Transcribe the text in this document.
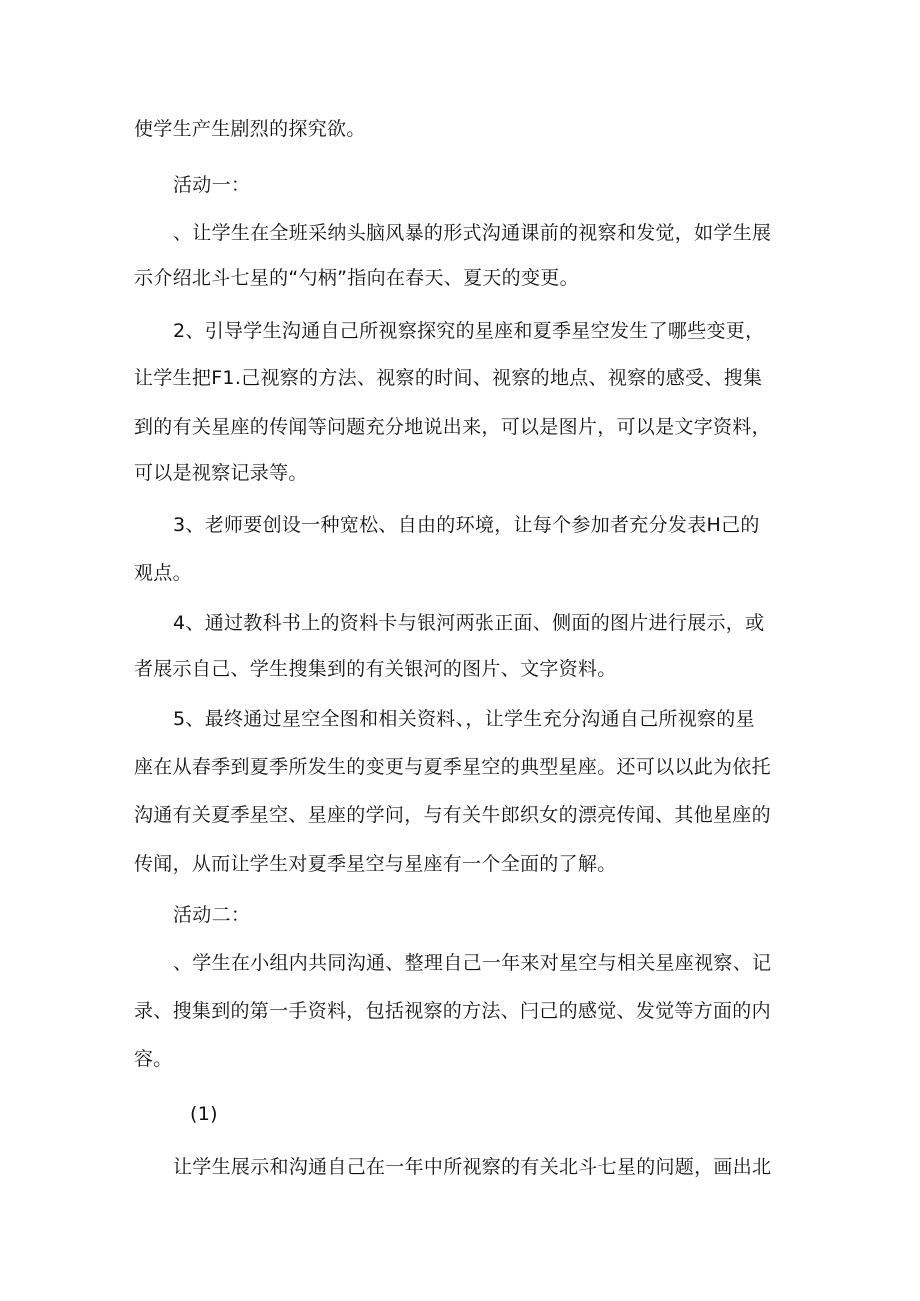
使学生产生剧烈的探究欲。
活动一：
、让学生在全班采纳头脑风暴的形式沟通课前的视察和发觉，如学生展
示介绍北斗七星的“勺柄”指向在春天、夏天的变更。
2、引导学生沟通自己所视察探究的星座和夏季星空发生了哪些变更，
让学生把F1.己视察的方法、视察的时间、视察的地点、视察的感受、搜集
到的有关星座的传闻等问题充分地说出来，可以是图片，可以是文字资料，
可以是视察记录等。
3、老师要创设一种宽松、自由的环境，让每个参加者充分发表H己的
观点。
4、通过教科书上的资料卡与银河两张正面、侧面的图片进行展示，或
者展示自己、学生搜集到的有关银河的图片、文字资料。
5、最终通过星空全图和相关资料、，让学生充分沟通自己所视察的星
座在从春季到夏季所发生的变更与夏季星空的典型星座。还可以以此为依托
沟通有关夏季星空、星座的学问，与有关牛郎织女的漂亮传闻、其他星座的
传闻，从而让学生对夏季星空与星座有一个全面的了解。
活动二：
、学生在小组内共同沟通、整理自己一年来对星空与相关星座视察、记
录、搜集到的第一手资料，包括视察的方法、闩己的感觉、发觉等方面的内
容。
(1)
让学生展示和沟通自己在一年中所视察的有关北斗七星的问题，画出北
